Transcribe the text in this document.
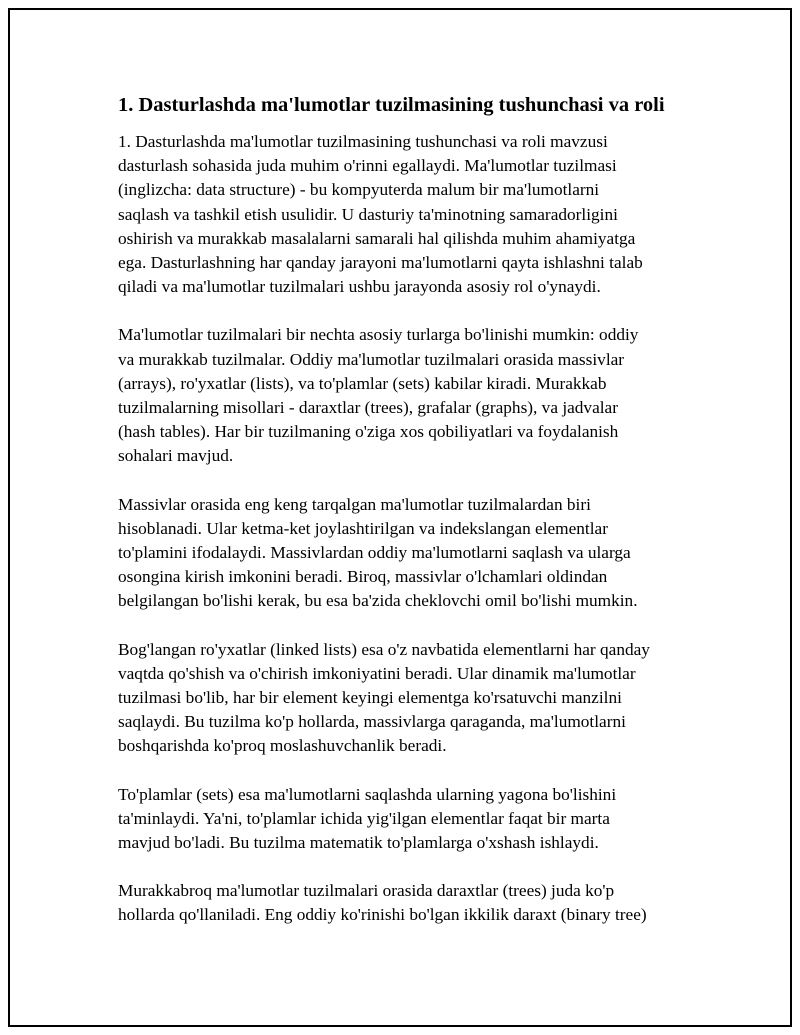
1. Dasturlashda ma'lumotlar tuzilmasining tushunchasi va roli

1. Dasturlashda ma'lumotlar tuzilmasining tushunchasi va roli mavzusi
dasturlash sohasida juda muhim o'rinni egallaydi. Ma'lumotlar tuzilmasi
(inglizcha: data structure) - bu kompyuterda malum bir ma'lumotlarni
saqlash va tashkil etish usulidir. U dasturiy ta'minotning samaradorligini
oshirish va murakkab masalalarni samarali hal qilishda muhim ahamiyatga
ega. Dasturlashning har qanday jarayoni ma'lumotlarni qayta ishlashni talab
qiladi va ma'lumotlar tuzilmalari ushbu jarayonda asosiy rol o'ynaydi.

Ma'lumotlar tuzilmalari bir nechta asosiy turlarga bo'linishi mumkin: oddiy
va murakkab tuzilmalar. Oddiy ma'lumotlar tuzilmalari orasida massivlar
(arrays), ro'yxatlar (lists), va to'plamlar (sets) kabilar kiradi. Murakkab
tuzilmalarning misollari - daraxtlar (trees), grafalar (graphs), va jadvalar
(hash tables). Har bir tuzilmaning o'ziga xos qobiliyatlari va foydalanish
sohalari mavjud.

Massivlar orasida eng keng tarqalgan ma'lumotlar tuzilmalardan biri
hisoblanadi. Ular ketma-ket joylashtirilgan va indekslangan elementlar
to'plamini ifodalaydi. Massivlardan oddiy ma'lumotlarni saqlash va ularga
osongina kirish imkonini beradi. Biroq, massivlar o'lchamlari oldindan
belgilangan bo'lishi kerak, bu esa ba'zida cheklovchi omil bo'lishi mumkin.

Bog'langan ro'yxatlar (linked lists) esa o'z navbatida elementlarni har qanday
vaqtda qo'shish va o'chirish imkoniyatini beradi. Ular dinamik ma'lumotlar
tuzilmasi bo'lib, har bir element keyingi elementga ko'rsatuvchi manzilni
saqlaydi. Bu tuzilma ko'p hollarda, massivlarga qaraganda, ma'lumotlarni
boshqarishda ko'proq moslashuvchanlik beradi.

To'plamlar (sets) esa ma'lumotlarni saqlashda ularning yagona bo'lishini
ta'minlaydi. Ya'ni, to'plamlar ichida yig'ilgan elementlar faqat bir marta
mavjud bo'ladi. Bu tuzilma matematik to'plamlarga o'xshash ishlaydi.

Murakkabroq ma'lumotlar tuzilmalari orasida daraxtlar (trees) juda ko'p
hollarda qo'llaniladi. Eng oddiy ko'rinishi bo'lgan ikkilik daraxt (binary tree)
